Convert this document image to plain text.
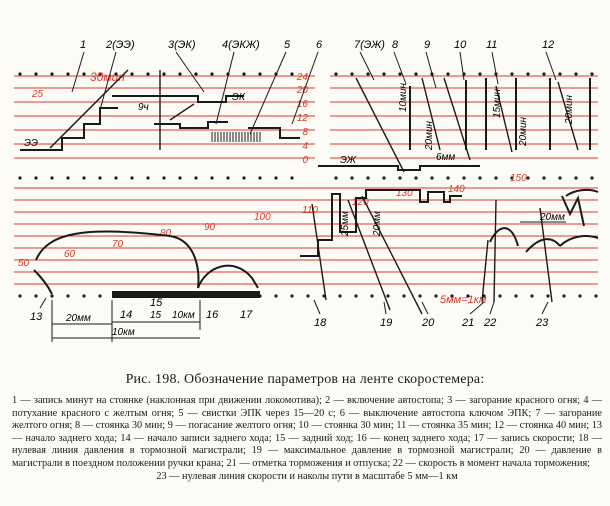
25
30мин	24
20
16
12
8
4
0
ЭК
ЭЭ
ЭЖ
9ч	10мин
20мин
6мм
15мин
20мин
20мин
50
60
70
80
90
100
110
120
130	140
150
25мм 20мм	20мм
5мм=1км
20мм
10км
15 10км
1 2(ЭЭ)	3(ЭК) 4(ЭКЖ) 5 6	7(ЭЖ) 8 9 10 11	12
13	14
15
16 17
18	19	20	21 22	23
Рис. 198. Обозначение параметров на ленте скоростемера:
1 — запись минут на стоянке (наклонная при движении локомотива); 2 — включение автостопа; 3 — загорание красного огня; 4 — потухание красного с желтым огня; 5 — свистки ЭПК через 15—20 с; 6 — выключение автостопа ключом ЭПК; 7 — загорание желтого огня; 8 — стоянка 30 мин; 9 — погасание желтого огня; 10 — стоянка 30 мин; 11 — стоянка 35 мин; 12 — стоянка 40 мин; 13 — начало заднего хода; 14 — начало записи заднего хода; 15 — задний ход; 16 — конец заднего хода; 17 — запись скорости; 18 — нулевая линия давления в тормозной магистрали; 19 — максимальное давление в тормозной магистрали; 20 — давление в магистрали в поездном положении ручки крана; 21 — отметка торможения и отпуска; 22 — скорость в момент начала торможения;
23 — нулевая линия скорости и наколы пути в масштабе 5 мм—1 км
